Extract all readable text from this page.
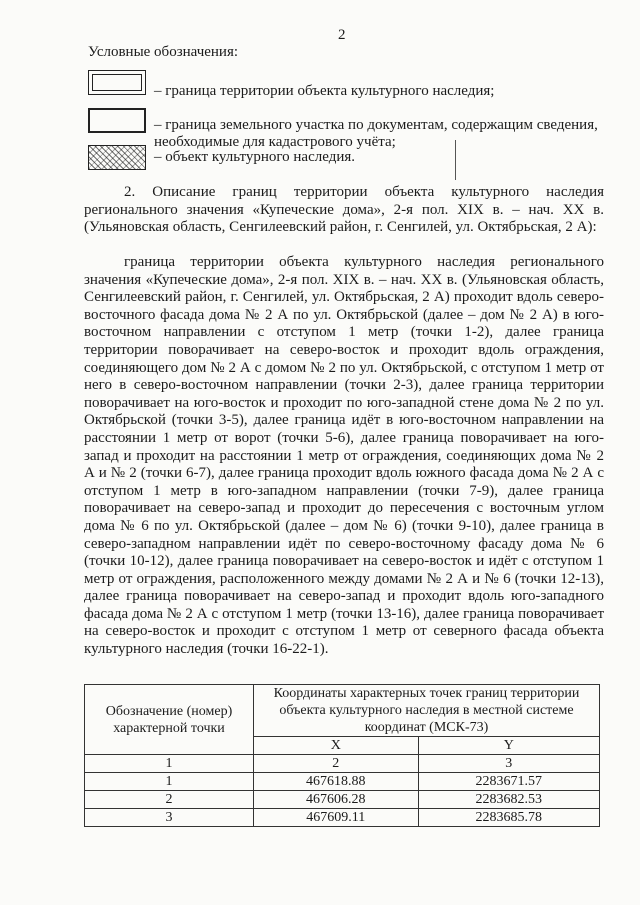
2
Условные обозначения:
– граница территории объекта культурного наследия;
– граница земельного участка по документам, содержащим сведения, необходимые для кадастрового учёта;
– объект культурного наследия.

2. Описание границ территории объекта культурного наследия регионального значения «Купеческие дома», 2-я пол. XIX в. – нач. XX в. (Ульяновская область, Сенгилеевский район, г. Сенгилей, ул. Октябрьская, 2 А):

граница территории объекта культурного наследия регионального значения «Купеческие дома», 2-я пол. XIX в. – нач. XX в. (Ульяновская область, Сенгилеевский район, г. Сенгилей, ул. Октябрьская, 2 А) проходит вдоль северо-восточного фасада дома № 2 А по ул. Октябрьской (далее – дом № 2 А) в юго-восточном направлении с отступом 1 метр (точки 1-2), далее граница территории поворачивает на северо-восток и проходит вдоль ограждения, соединяющего дом № 2 А с домом № 2 по ул. Октябрьской, с отступом 1 метр от него в северо-восточном направлении (точки 2-3), далее граница территории поворачивает на юго-восток и проходит по юго-западной стене дома № 2 по ул. Октябрьской (точки 3-5), далее граница идёт в юго-восточном направлении на расстоянии 1 метр от ворот (точки 5-6), далее граница поворачивает на юго-запад и проходит на расстоянии 1 метр от ограждения, соединяющих дома № 2 А и № 2 (точки 6-7), далее граница проходит вдоль южного фасада дома № 2 А с отступом 1 метр в юго-западном направлении (точки 7-9), далее граница поворачивает на северо-запад и проходит до пересечения с восточным углом дома № 6 по ул. Октябрьской (далее – дом № 6) (точки 9-10), далее граница в северо-западном направлении идёт по северо-восточному фасаду дома № 6 (точки 10-12), далее граница поворачивает на северо-восток и идёт с отступом 1 метр от ограждения, расположенного между домами № 2 А и № 6 (точки 12-13), далее граница поворачивает на северо-запад и проходит вдоль юго-западного фасада дома № 2 А с отступом 1 метр (точки 13-16), далее граница поворачивает на северо-восток и проходит с отступом 1 метр от северного фасада объекта культурного наследия (точки 16-22-1).

Обозначение (номер) характерной точки	Координаты характерных точек границ территории объекта культурного наследия в местной системе координат (МСК-73)	
	X	Y
1	2	3
1	467618.88	2283671.57
2	467606.28	2283682.53
3	467609.11	2283685.78
